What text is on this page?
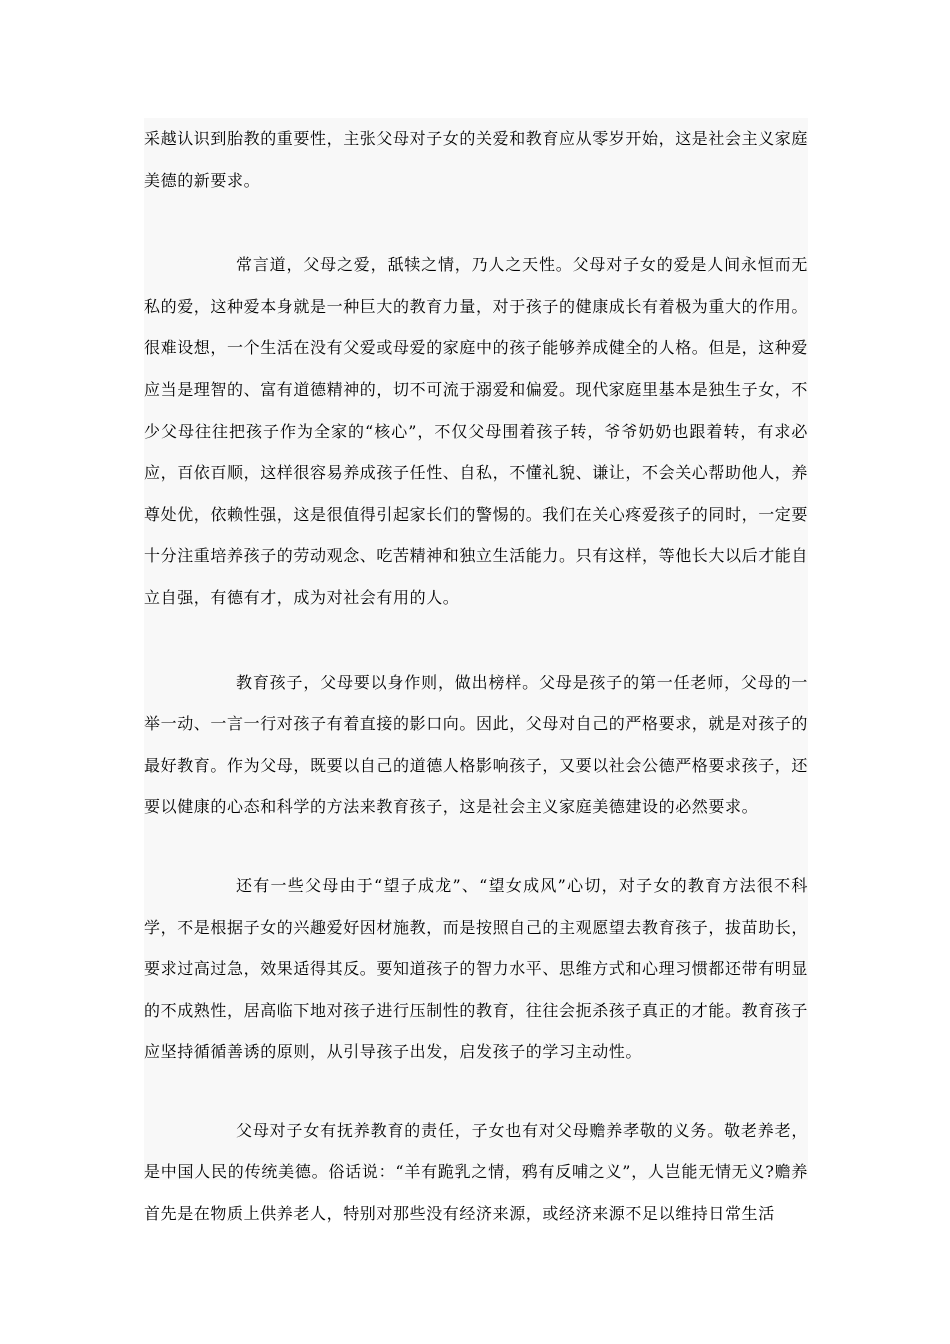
采越认识到胎教的重要性，主张父母对子女的关爱和教育应从零岁开始，这是社会主义家庭美德的新要求。

常言道，父母之爱，舐犊之情，乃人之天性。父母对子女的爱是人间永恒而无私的爱，这种爱本身就是一种巨大的教育力量，对于孩子的健康成长有着极为重大的作用。很难设想，一个生活在没有父爱或母爱的家庭中的孩子能够养成健全的人格。但是，这种爱应当是理智的、富有道德精神的，切不可流于溺爱和偏爱。现代家庭里基本是独生子女，不少父母往往把孩子作为全家的“核心”，不仅父母围着孩子转，爷爷奶奶也跟着转，有求必应，百依百顺，这样很容易养成孩子任性、自私，不懂礼貌、谦让，不会关心帮助他人，养尊处优，依赖性强，这是很值得引起家长们的警惕的。我们在关心疼爱孩子的同时，一定要十分注重培养孩子的劳动观念、吃苦精神和独立生活能力。只有这样，等他长大以后才能自立自强，有德有才，成为对社会有用的人。

教育孩子，父母要以身作则，做出榜样。父母是孩子的第一任老师，父母的一举一动、一言一行对孩子有着直接的影口向。因此，父母对自己的严格要求，就是对孩子的最好教育。作为父母，既要以自己的道德人格影响孩子，又要以社会公德严格要求孩子，还要以健康的心态和科学的方法来教育孩子，这是社会主义家庭美德建设的必然要求。

还有一些父母由于“望子成龙”、“望女成风”心切，对子女的教育方法很不科学，不是根据子女的兴趣爱好因材施教，而是按照自己的主观愿望去教育孩子，拔苗助长，要求过高过急，效果适得其反。要知道孩子的智力水平、思维方式和心理习惯都还带有明显的不成熟性，居高临下地对孩子进行压制性的教育，往往会扼杀孩子真正的才能。教育孩子应坚持循循善诱的原则，从引导孩子出发，启发孩子的学习主动性。

父母对子女有抚养教育的责任，子女也有对父母赡养孝敬的义务。敬老养老，是中国人民的传统美德。俗话说：“羊有跪乳之情，鸦有反哺之义”，人岂能无情无义?赡养首先是在物质上供养老人，特别对那些没有经济来源，或经济来源不足以维持日常生活
